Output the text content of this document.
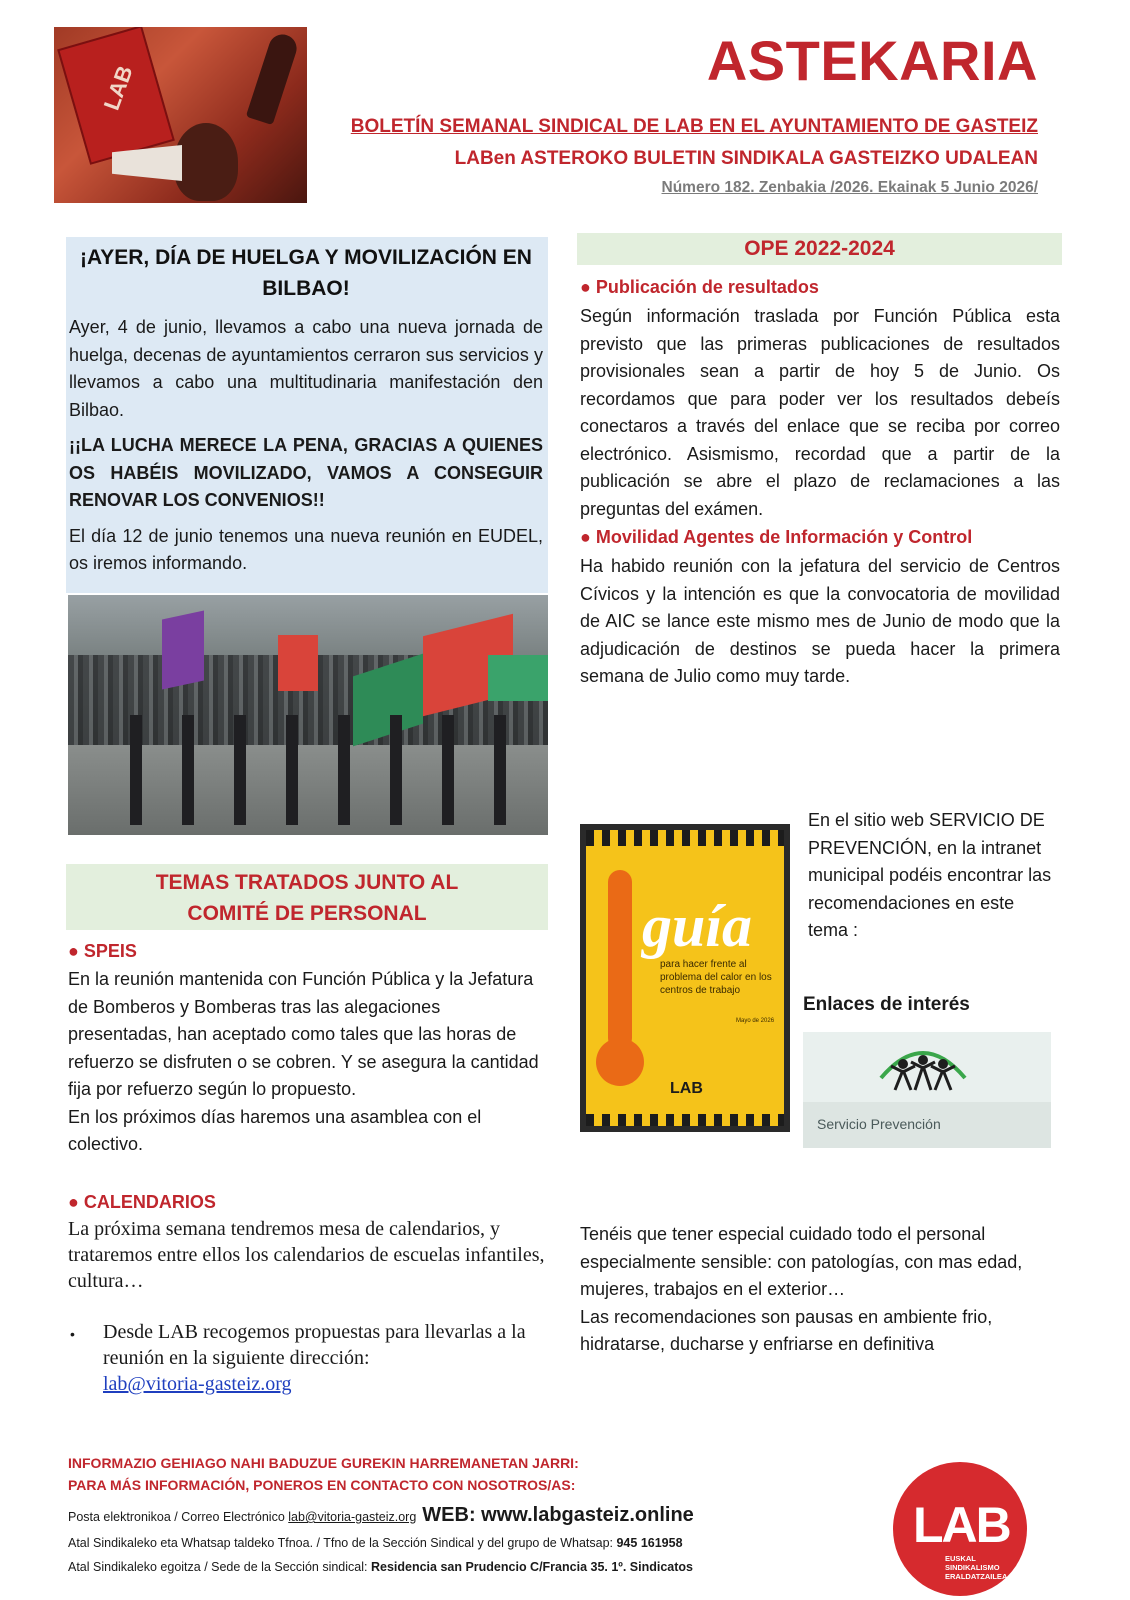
LAB	ASTEKARIA
BOLETÍN SEMANAL SINDICAL DE LAB EN EL AYUNTAMIENTO DE GASTEIZ
LABen ASTEROKO BULETIN SINDIKALA GASTEIZKO UDALEAN
Número 182. Zenbakia /2026. Ekainak 5 Junio 2026/
¡AYER, DÍA DE HUELGA Y MOVILIZACIÓN EN BILBAO!

Ayer, 4 de junio, llevamos a cabo una nueva jornada de huelga, decenas de ayuntamientos cerraron sus servicios y llevamos a cabo una multitudinaria manifestación den Bilbao.

¡¡LA LUCHA MERECE LA PENA, GRACIAS A QUIENES OS HABÉIS MOVILIZADO, VAMOS A CONSEGUIR RENOVAR LOS CONVENIOS!!

El día 12 de junio tenemos una nueva reunión en EUDEL, os iremos informando.

TEMAS TRATADOS JUNTO AL
COMITÉ DE PERSONAL
● SPEIS

En la reunión mantenida con Función Pública y la Jefatura de Bomberos y Bomberas tras las alegaciones presentadas, han aceptado como tales que las horas de refuerzo se disfruten o se cobren. Y se asegura la cantidad fija por refuerzo según lo propuesto.

En los próximos días haremos una asamblea con el colectivo.

● CALENDARIOS
La próxima semana tendremos mesa de calendarios, y trataremos entre ellos los calendarios de escuelas infantiles, cultura…
• Desde LAB recogemos propuestas para llevarlas a la reunión en la siguiente dirección:
lab@vitoria-gasteiz.org
OPE 2022-2024
● Publicación de resultados
Según información traslada por Función Pública esta previsto que las primeras publicaciones de resultados provisionales sean a partir de hoy 5 de Junio. Os recordamos que para poder ver los resultados debeís conectaros a través del enlace que se reciba por correo electrónico. Asismismo, recordad que a partir de la publicación se abre el plazo de reclamaciones a las preguntas del exámen.
● Movilidad Agentes de Información y Control
Ha habido reunión con la jefatura del servicio de Centros Cívicos y la intención es que la convocatoria de movilidad de AIC se lance este mismo mes de Junio de modo que la adjudicación de destinos se pueda hacer la primera semana de Julio como muy tarde.
guía
para hacer frente al problema del calor en los centros de trabajo
Mayo de 2026
LAB
En el sitio web SERVICIO DE PREVENCIÓN, en la intranet municipal podéis encontrar las recomendaciones en este tema :
Enlaces de interés
Servicio Prevención

Tenéis que tener especial cuidado todo el personal especialmente sensible: con patologías, con mas edad, mujeres, trabajos en el exterior…

Las recomendaciones son pausas en ambiente frio, hidratarse, ducharse y enfriarse en definitiva

INFORMAZIO GEHIAGO NAHI BADUZUE GUREKIN HARREMANETAN JARRI:
PARA MÁS INFORMACIÓN, PONEROS EN CONTACTO CON NOSOTROS/AS:
Posta elektronikoa / Correo Electrónico lab@vitoria-gasteiz.org WEB: www.labgasteiz.online
Atal Sindikaleko eta Whatsap taldeko Tfnoa. / Tfno de la Sección Sindical y del grupo de Whatsap: 945 161958
Atal Sindikaleko egoitza / Sede de la Sección sindical: Residencia san Prudencio C/Francia 35. 1º. Sindicatos
LAB
EUSKAL SINDIKALISMO ERALDATZAILEA
